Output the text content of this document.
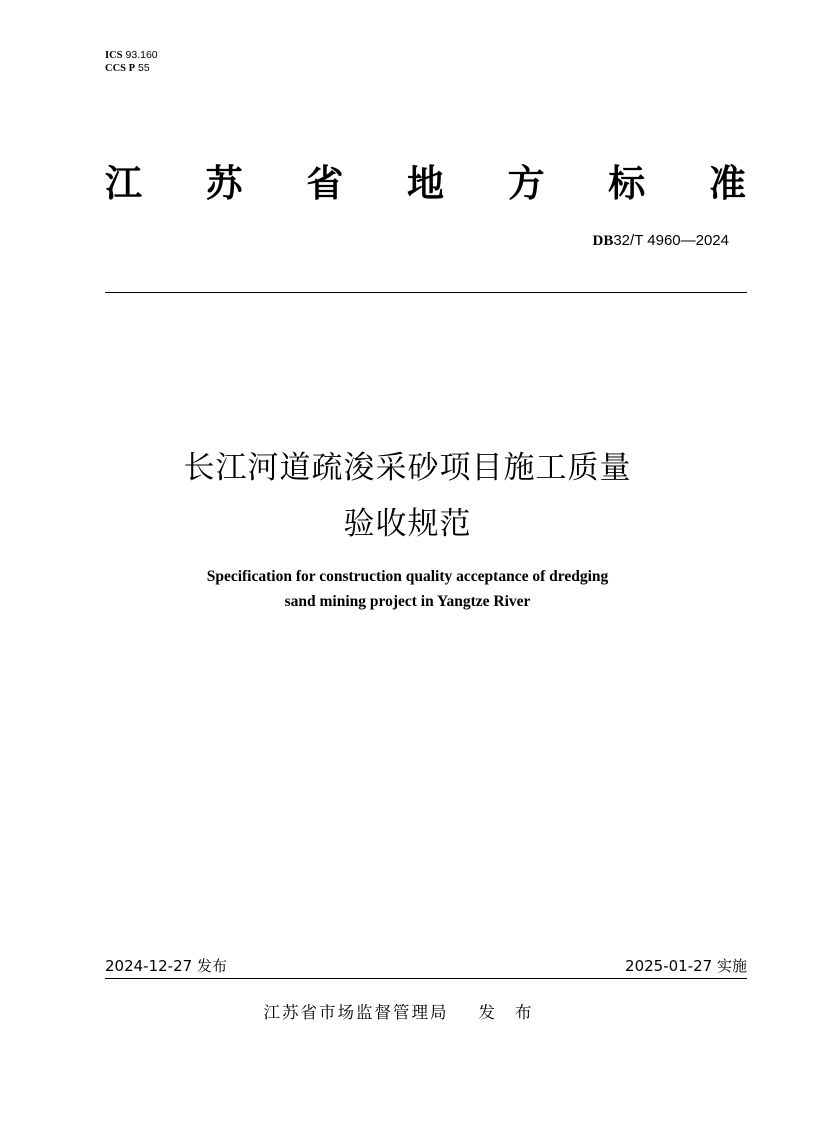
ICS 93.160
CCS P 55
江 苏 省 地 方 标 准
DB32/T 4960—2024
长江河道疏浚采砂项目施工质量
验收规范
Specification for construction quality acceptance of dredging
sand mining project in Yangtze River
2024-12-27 发布	2025-01-27 实施
江苏省市场监督管理局 发布
